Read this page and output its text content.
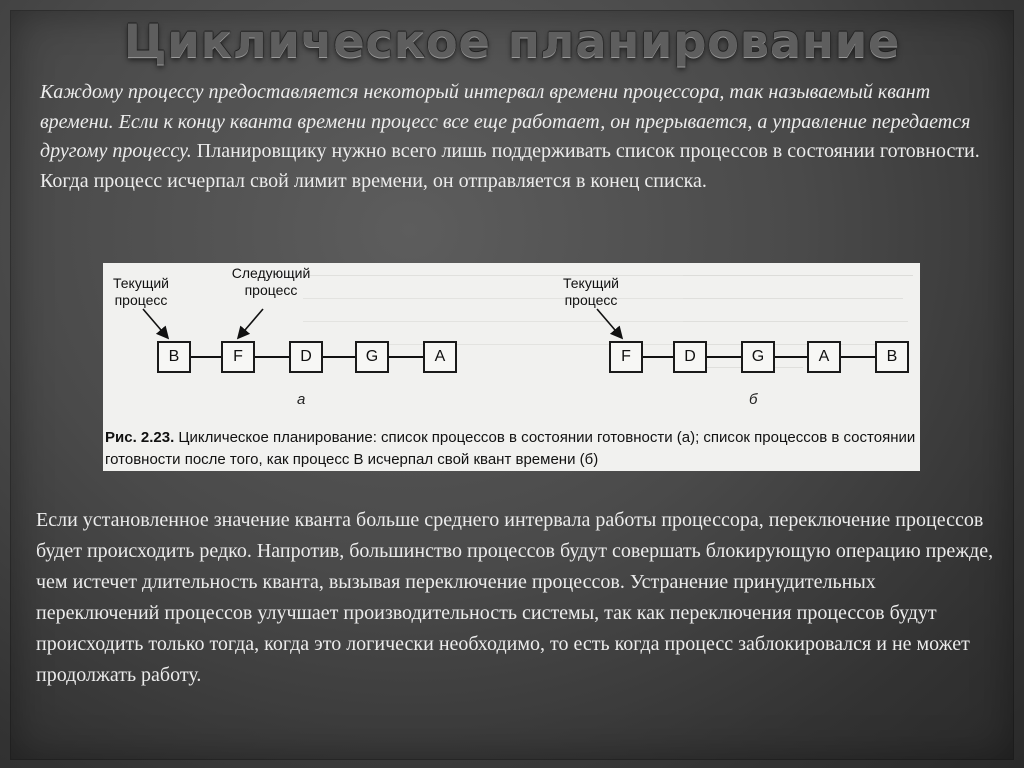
Циклическое планирование

Каждому процессу предоставляется некоторый интервал времени процессора, так называемый квант времени. Если к концу кванта времени процесс все еще работает, он прерывается, а управление передается другому процессу. Планировщику нужно всего лишь поддерживать список процессов в состоянии готовности. Когда процесс исчерпал свой лимит времени, он отправляется в конец списка.

Текущий процесс
Следующий процесс	Текущий процесс
B	F	D	G	A	F	D	G	A	B
а	б
Рис. 2.23. Циклическое планирование: список процессов в состоянии готовности (а); список процессов в состоянии готовности после того, как процесс B исчерпал свой квант времени (б)

Если установленное значение кванта больше среднего интервала работы процессора, переключение процессов будет происходить редко. Напротив, большинство процессов будут совершать блокирующую операцию прежде, чем истечет длительность кванта, вызывая переключение процессов. Устранение принудительных переключений процессов улучшает производительность системы, так как переключения процессов будут происходить только тогда, когда это логически необходимо, то есть когда процесс заблокировался и не может продолжать работу.
